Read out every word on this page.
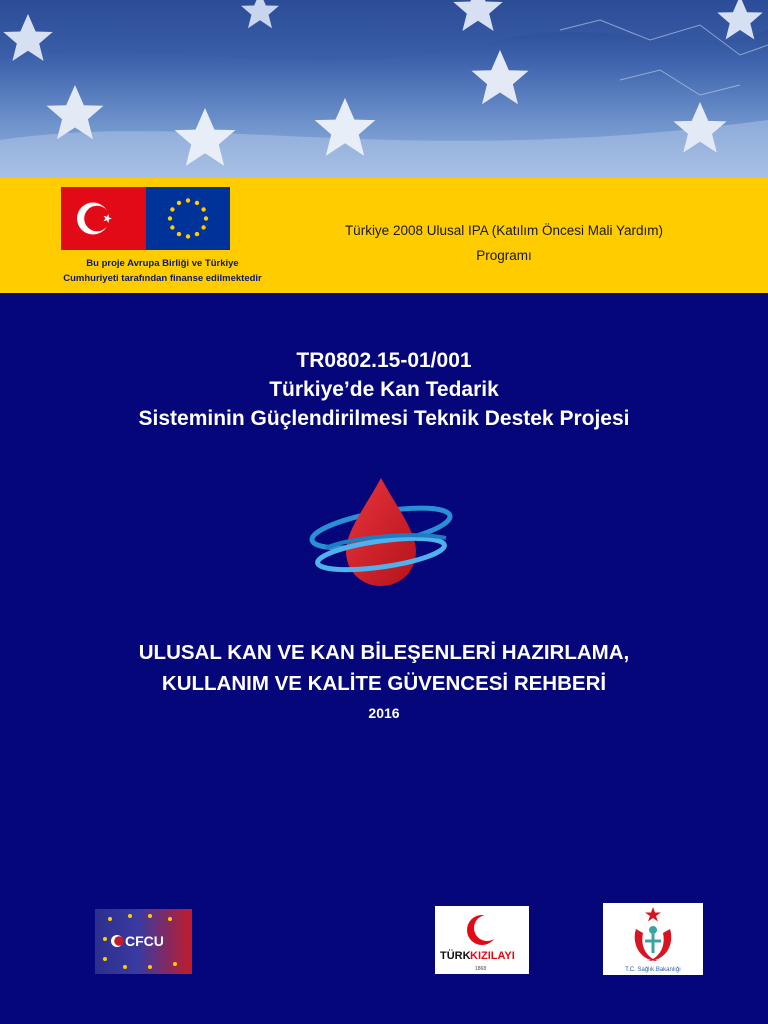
Bu proje Avrupa Birliği ve Türkiye
Cumhuriyeti tarafından finanse edilmektedir
Türkiye 2008 Ulusal IPA (Katılım Öncesi Mali Yardım)
Programı
TR0802.15-01/001
Türkiye’de Kan Tedarik
Sisteminin Güçlendirilmesi Teknik Destek Projesi
ULUSAL KAN VE KAN BİLEŞENLERİ HAZIRLAMA,
KULLANIM VE KALİTE GÜVENCESİ REHBERİ
2016
CFCU
TÜRK KIZILAYI
1868	T.C. Sağlık Bakanlığı
